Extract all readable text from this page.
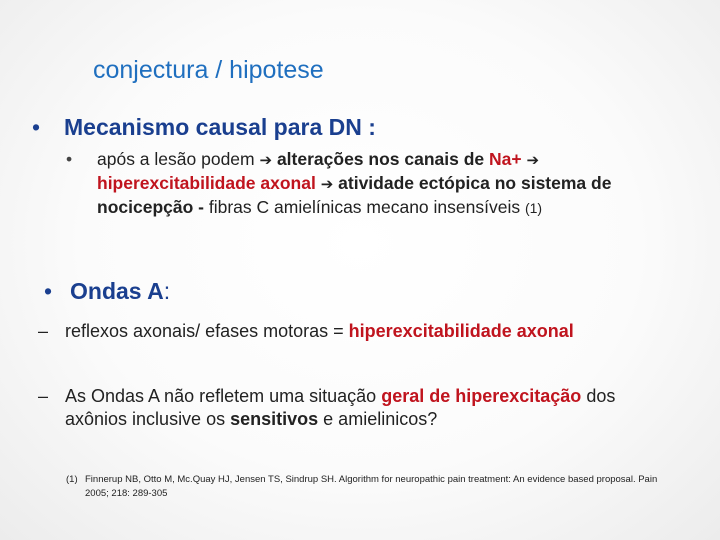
conjectura / hipotese
• Mecanismo causal para DN :
• após a lesão podem ➔ alterações nos canais de Na+ ➔ hiperexcitabilidade axonal ➔ atividade ectópica no sistema de nocicepção - fibras C amielínicas mecano insensíveis (1)
• Ondas A:
– reflexos axonais/ efases motoras = hiperexcitabilidade axonal
– As Ondas A não refletem uma situação geral de hiperexcitação dos axônios inclusive os sensitivos e amielinicos?
(1) Finnerup NB, Otto M, Mc.Quay HJ, Jensen TS, Sindrup SH. Algorithm for neuropathic pain treatment: An evidence based proposal. Pain 2005; 218: 289-305
